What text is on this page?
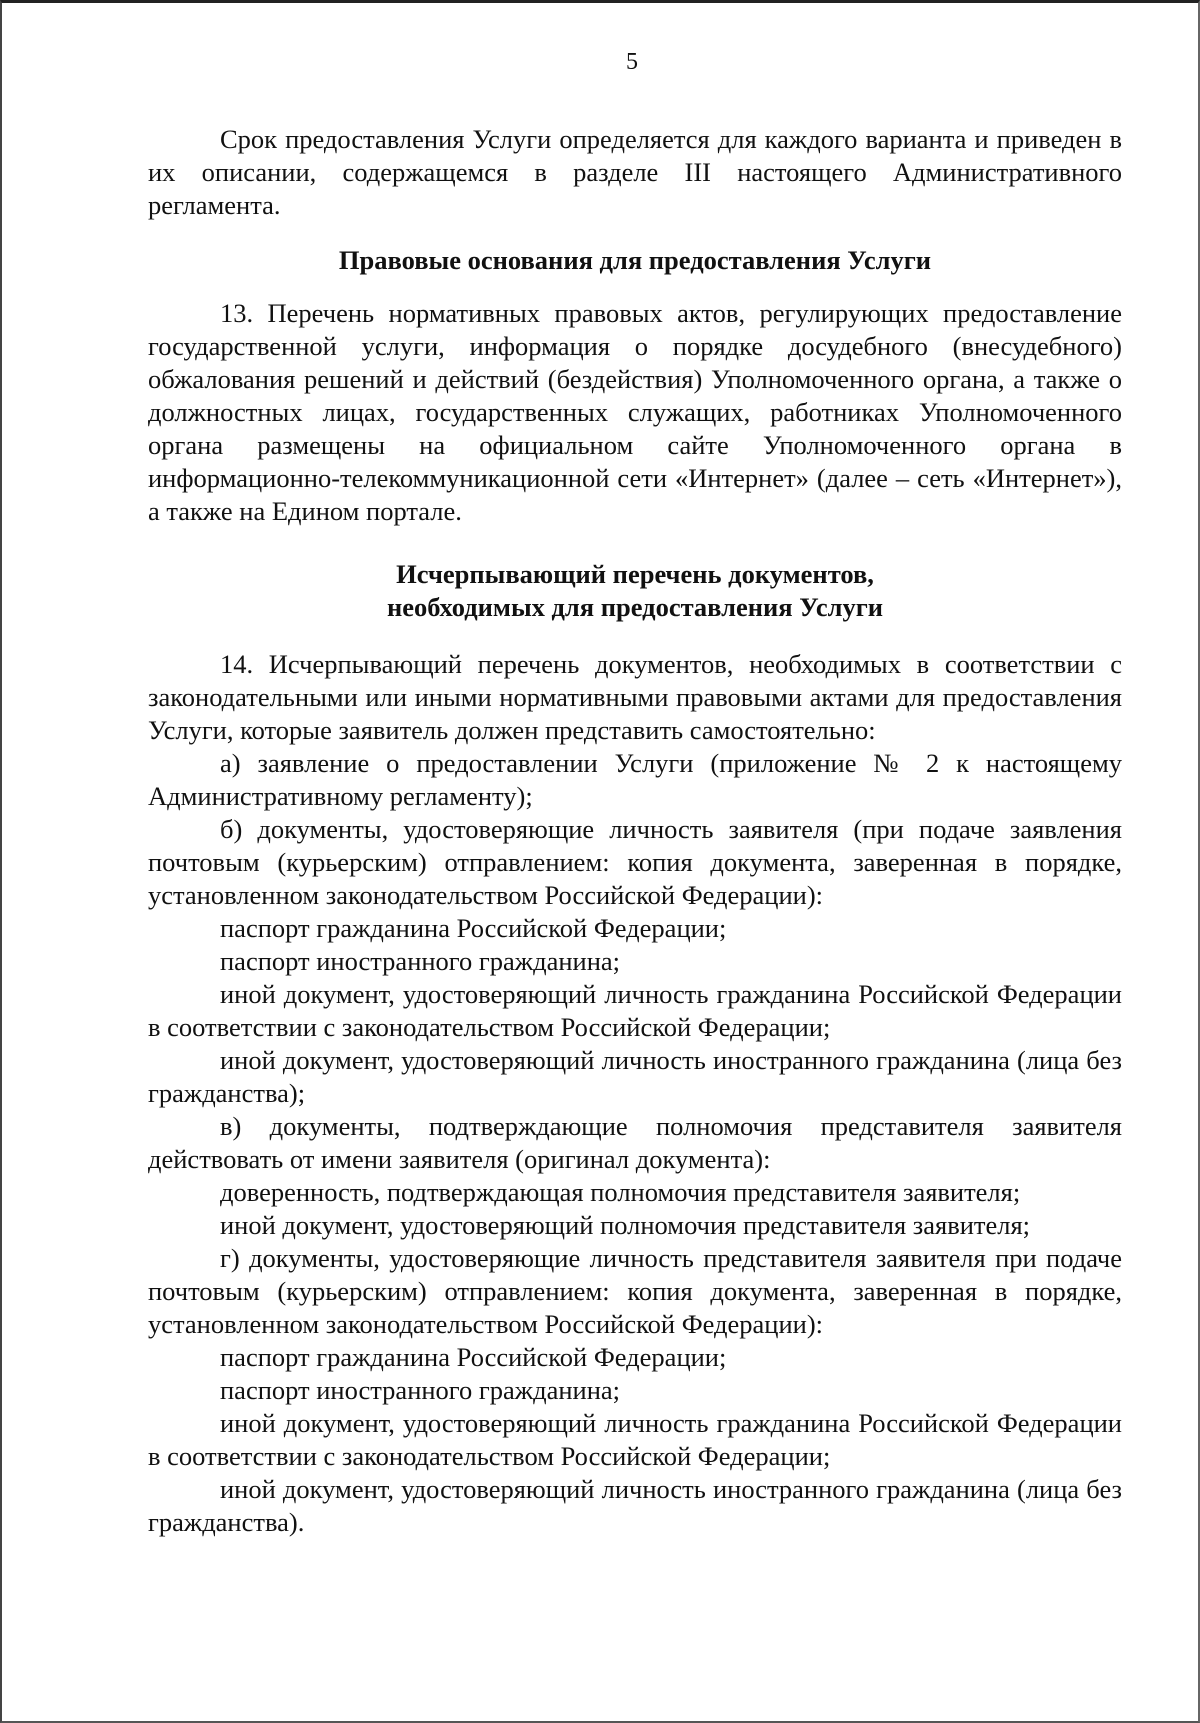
5

Срок предоставления Услуги определяется для каждого варианта и приведен в их описании, содержащемся в разделе III настоящего Административного регламента.

Правовые основания для предоставления Услуги

13. Перечень нормативных правовых актов, регулирующих предоставление государственной услуги, информация о порядке досудебного (внесудебного) обжалования решений и действий (бездействия) Уполномоченного органа, а также о должностных лицах, государственных служащих, работниках Уполномоченного органа размещены на официальном сайте Уполномоченного органа в информационно-телекоммуникационной сети «Интернет» (далее – сеть «Интернет»), а также на Едином портале.

Исчерпывающий перечень документов,

необходимых для предоставления Услуги

14. Исчерпывающий перечень документов, необходимых в соответствии с законодательными или иными нормативными правовыми актами для предоставления Услуги, которые заявитель должен представить самостоятельно:

а) заявление о предоставлении Услуги (приложение № 2 к настоящему Административному регламенту);

б) документы, удостоверяющие личность заявителя (при подаче заявления почтовым (курьерским) отправлением: копия документа, заверенная в порядке, установленном законодательством Российской Федерации):

паспорт гражданина Российской Федерации;

паспорт иностранного гражданина;

иной документ, удостоверяющий личность гражданина Российской Федерации в соответствии с законодательством Российской Федерации;

иной документ, удостоверяющий личность иностранного гражданина (лица без гражданства);

в) документы, подтверждающие полномочия представителя заявителя действовать от имени заявителя (оригинал документа):

доверенность, подтверждающая полномочия представителя заявителя;

иной документ, удостоверяющий полномочия представителя заявителя;

г) документы, удостоверяющие личность представителя заявителя при подаче почтовым (курьерским) отправлением: копия документа, заверенная в порядке, установленном законодательством Российской Федерации):

паспорт гражданина Российской Федерации;

паспорт иностранного гражданина;

иной документ, удостоверяющий личность гражданина Российской Федерации в соответствии с законодательством Российской Федерации;

иной документ, удостоверяющий личность иностранного гражданина (лица без гражданства).
